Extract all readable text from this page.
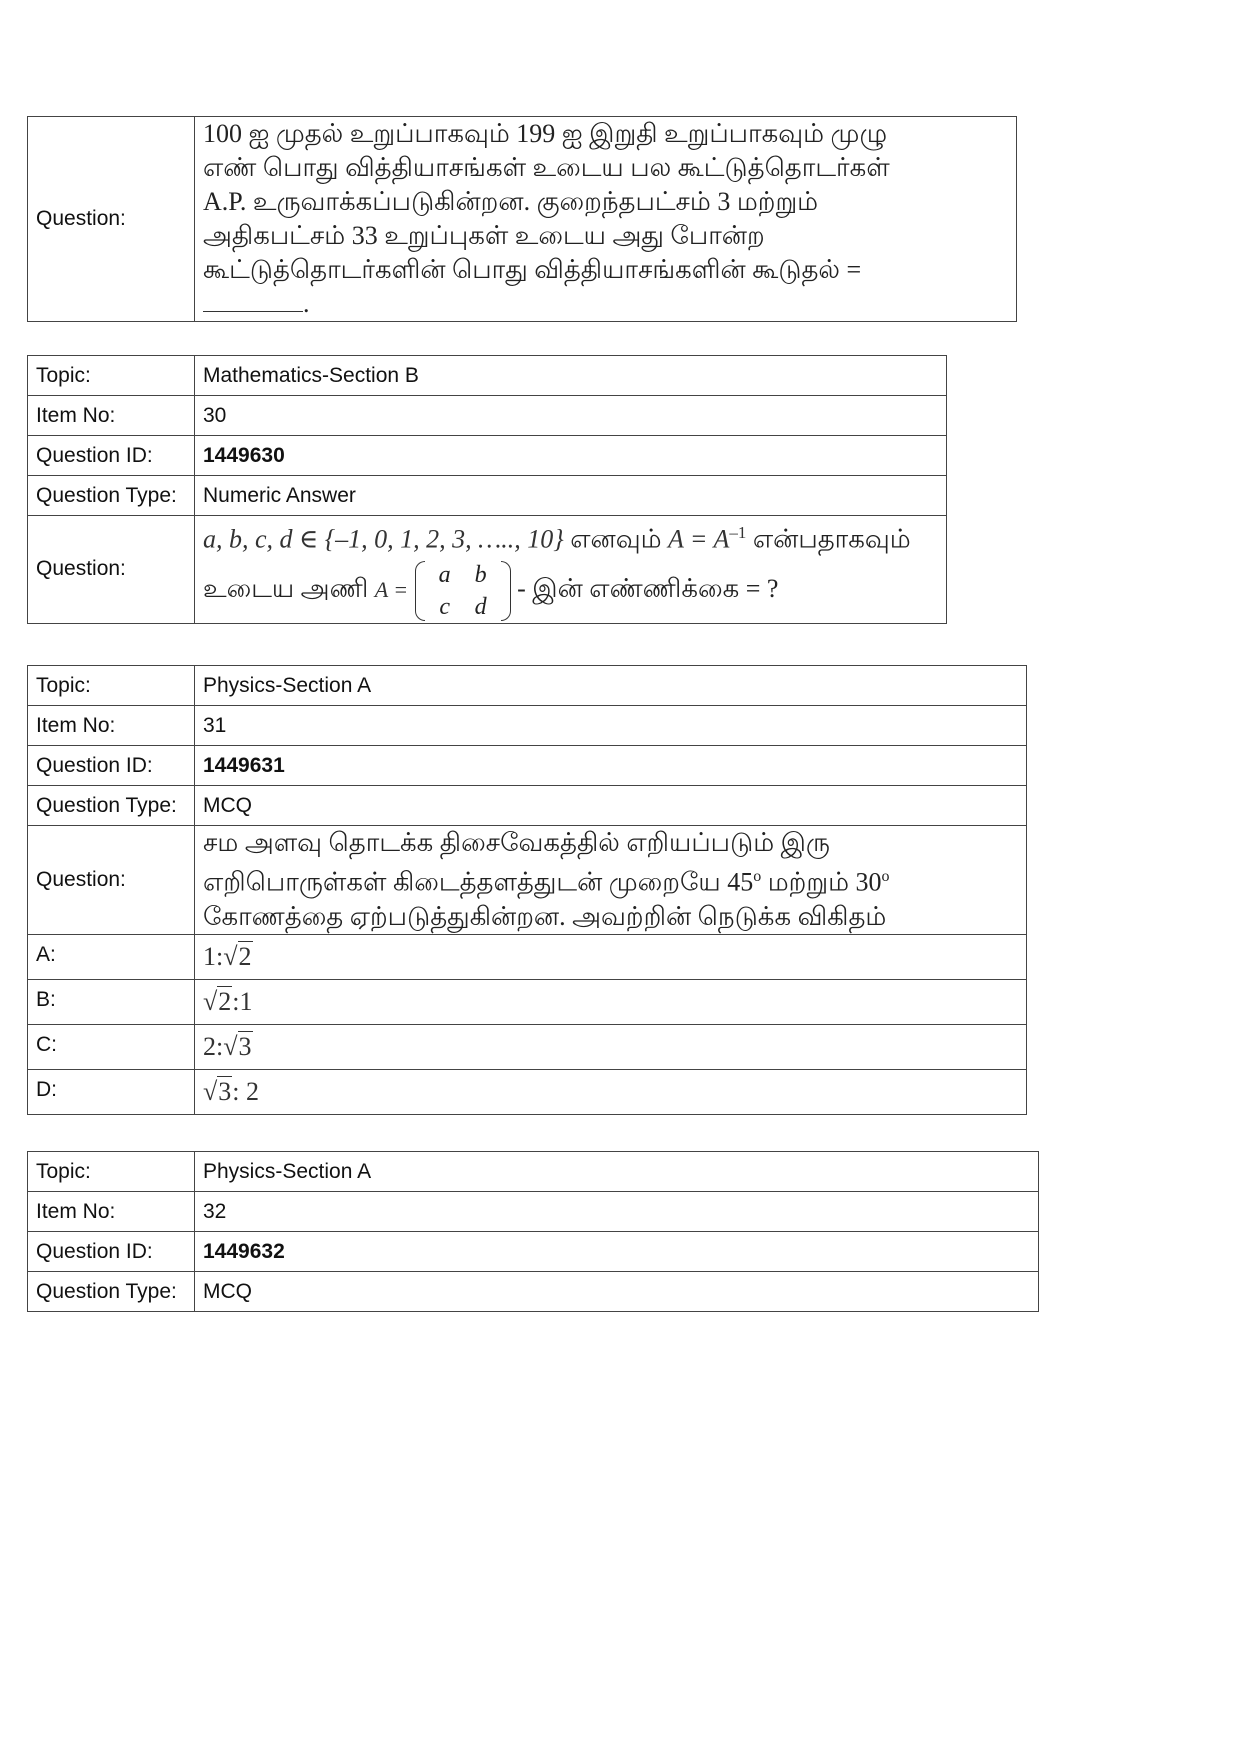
Question:	

100 ஐ முதல் உறுப்பாகவும் 199 ஐ இறுதி உறுப்பாகவும் முழு

எண் பொது வித்தியாசங்கள் உடைய பல கூட்டுத்தொடர்கள்

A.P. உருவாக்கப்படுகின்றன. குறைந்தபட்சம் 3 மற்றும்

அதிகபட்சம் 33 உறுப்புகள் உடைய அது போன்ற

கூட்டுத்தொடர்களின் பொது வித்தியாசங்களின் கூடுதல் =

.

Topic:	Mathematics-Section B
Item No:	30
Question ID:	1449630
Question Type:	Numeric Answer
Question:	a, b, c, d ∈ {–1, 0, 1, 2, 3, ….., 10} எனவும் $A = A^{-1}$ என்பதாகவும்

உடைய அணி A = a b
c d - இன் எண்ணிக்கை = ?

Topic:	Physics-Section A
Item No:	31
Question ID:	1449631
Question Type:	MCQ
Question:	சம அளவு தொடக்க திசைவேகத்தில் எறியப்படும் இரு

எறிபொருள்கள் கிடைத்தளத்துடன் முறையே 45$^o$ மற்றும் 30$^o$

கோணத்தை ஏற்படுத்துகின்றன. அவற்றின் நெடுக்க விகிதம்

A:	1:√2
B:	√2:1
C:	2:√3
D:	√3: 2
Topic:	Physics-Section A
Item No:	32
Question ID:	1449632
Question Type:	MCQ
